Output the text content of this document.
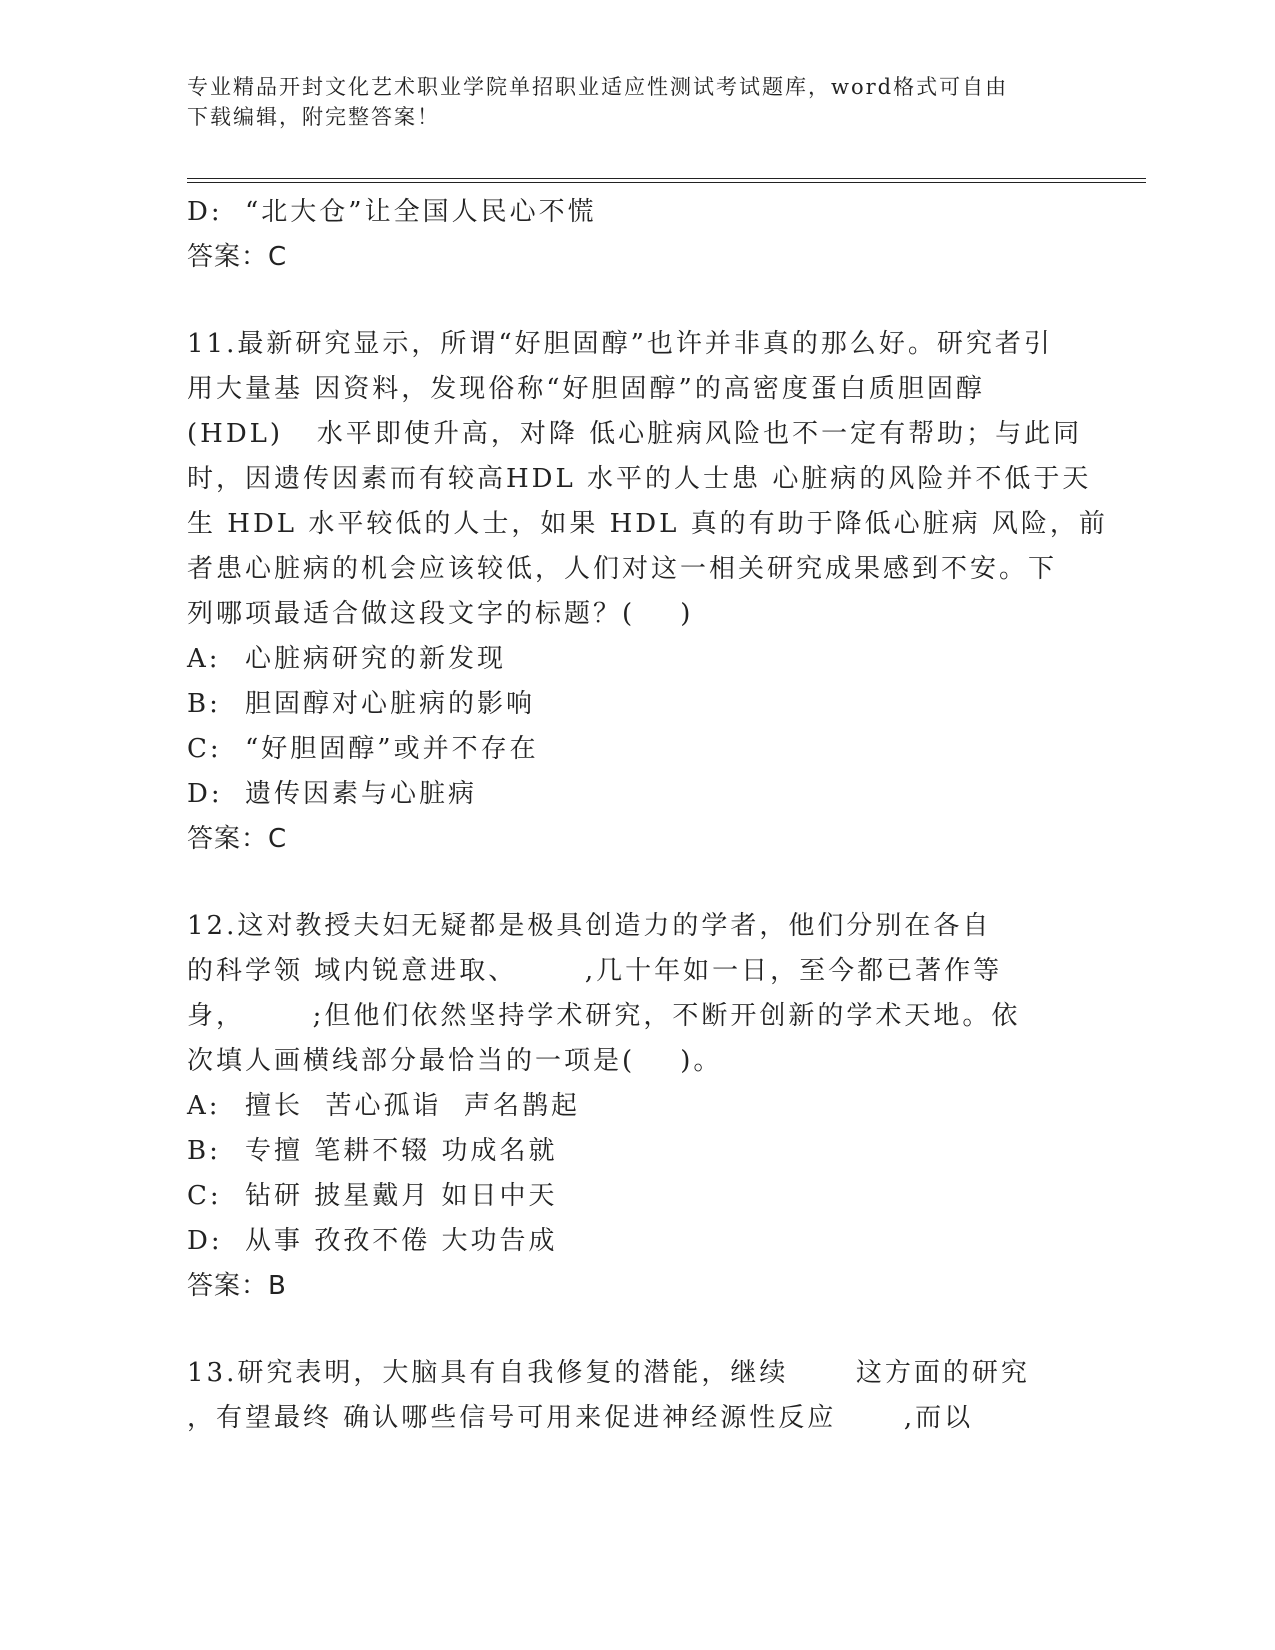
专业精品开封文化艺术职业学院单招职业适应性测试考试题库，word格式可自由
下载编辑，附完整答案！
D: “北大仓”让全国人民心不慌
答案：C
11.最新研究显示，所谓“好胆固醇”也许并非真的那么好。研究者引
用大量基 因资料，发现俗称“好胆固醇”的高密度蛋白质胆固醇
(HDL)   水平即使升高，对降 低心脏病风险也不一定有帮助；与此同
时，因遗传因素而有较高HDL 水平的人士患 心脏病的风险并不低于天
生 HDL 水平较低的人士，如果 HDL 真的有助于降低心脏病 风险，前
者患心脏病的机会应该较低，人们对这一相关研究成果感到不安。下
列哪项最适合做这段文字的标题？(    )
A: 心脏病研究的新发现
B: 胆固醇对心脏病的影响
C: “好胆固醇”或并不存在
D: 遗传因素与心脏病
答案：C
12.这对教授夫妇无疑都是极具创造力的学者，他们分别在各自
的科学领 域内锐意进取、      ,几十年如一日，至今都已著作等
身，      ;但他们依然坚持学术研究，不断开创新的学术天地。依
次填人画横线部分最恰当的一项是(    )。
A: 擅长  苦心孤诣  声名鹊起
B: 专擅 笔耕不辍 功成名就
C: 钻研 披星戴月 如日中天
D: 从事 孜孜不倦 大功告成
答案：B
13.研究表明，大脑具有自我修复的潜能，继续      这方面的研究
，有望最终 确认哪些信号可用来促进神经源性反应      ,而以
